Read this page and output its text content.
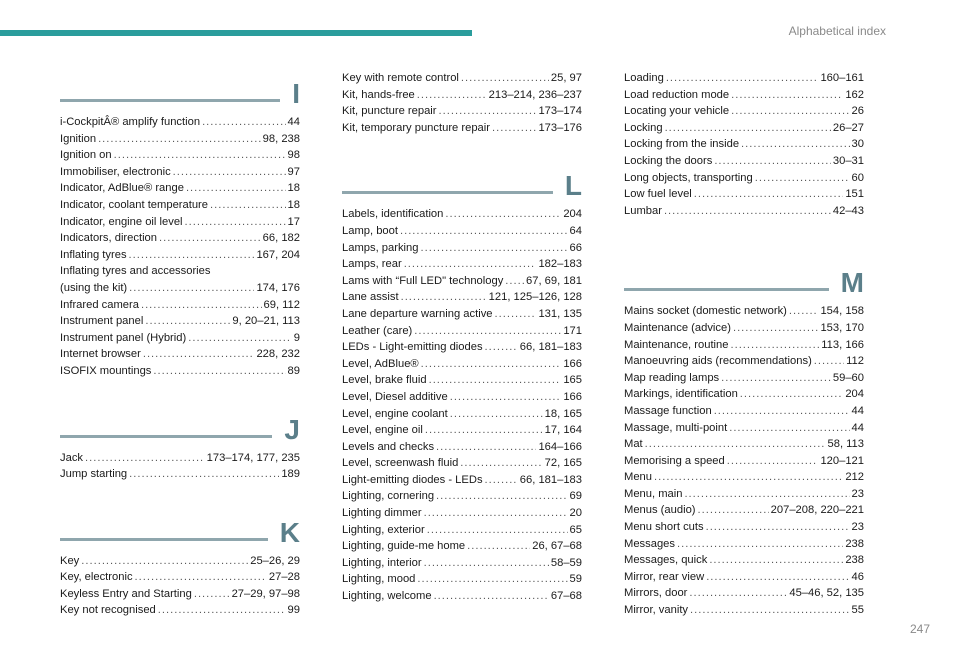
Alphabetical index
I
i-CockpitÂ® amplify function .....	44
Ignition .....	98, 238
Ignition on .....	98
Immobiliser, electronic .....	97
Indicator, AdBlue® range .....	18
Indicator, coolant temperature .....	18
Indicator, engine oil level .....	17
Indicators, direction .....	66, 182
Inflating tyres .....	167, 204
Inflating tyres and accessories
(using the kit) .....	174, 176
Infrared camera .....	69, 112
Instrument panel .....	9, 20–21, 113
Instrument panel (Hybrid) .....	9
Internet browser .....	228, 232
ISOFIX mountings .....	89
J
Jack .....	173–174, 177, 235
Jump starting .....	189
K
Key .....	25–26, 29
Key, electronic .....	27–28
Keyless Entry and Starting .....	27–29, 97–98
Key not recognised .....	99
Key with remote control .....	25, 97
Kit, hands-free .....	213–214, 236–237
Kit, puncture repair .....	173–174
Kit, temporary puncture repair .....	173–176
L
Labels, identification .....	204
Lamp, boot .....	64
Lamps, parking .....	66
Lamps, rear .....	182–183
Lams with “Full LED" technology ..... 67, 69, 181
Lane assist .....	121, 125–126, 128
Lane departure warning active .....	131, 135
Leather (care) .....	171
LEDs - Light-emitting diodes .....	66, 181–183
Level, AdBlue® .....	166
Level, brake fluid .....	165
Level, Diesel additive .....	166
Level, engine coolant .....	18, 165
Level, engine oil .....	17, 164
Levels and checks .....	164–166
Level, screenwash fluid .....	72, 165
Light-emitting diodes - LEDs .....	66, 181–183
Lighting, cornering .....	69
Lighting dimmer .....	20
Lighting, exterior .....	65
Lighting, guide-me home .....	26, 67–68
Lighting, interior .....	58–59
Lighting, mood .....	59
Lighting, welcome .....	67–68
Loading .....	160–161
Load reduction mode .....	162
Locating your vehicle .....	26
Locking .....	26–27
Locking from the inside .....	30
Locking the doors .....	30–31
Long objects, transporting .....	60
Low fuel level .....	151
Lumbar .....	42–43
M
Mains socket (domestic network) .....	154, 158
Maintenance (advice) .....	153, 170
Maintenance, routine .....	113, 166
Manoeuvring aids (recommendations) .....	112
Map reading lamps .....	59–60
Markings, identification .....	204
Massage function .....	44
Massage, multi-point .....	44
Mat .....	58, 113
Memorising a speed .....	120–121
Menu .....	212
Menu, main .....	23
Menus (audio) .....	207–208, 220–221
Menu short cuts .....	23
Messages .....	238
Messages, quick .....	238
Mirror, rear view .....	46
Mirrors, door .....	45–46, 52, 135
Mirror, vanity .....	55
247
